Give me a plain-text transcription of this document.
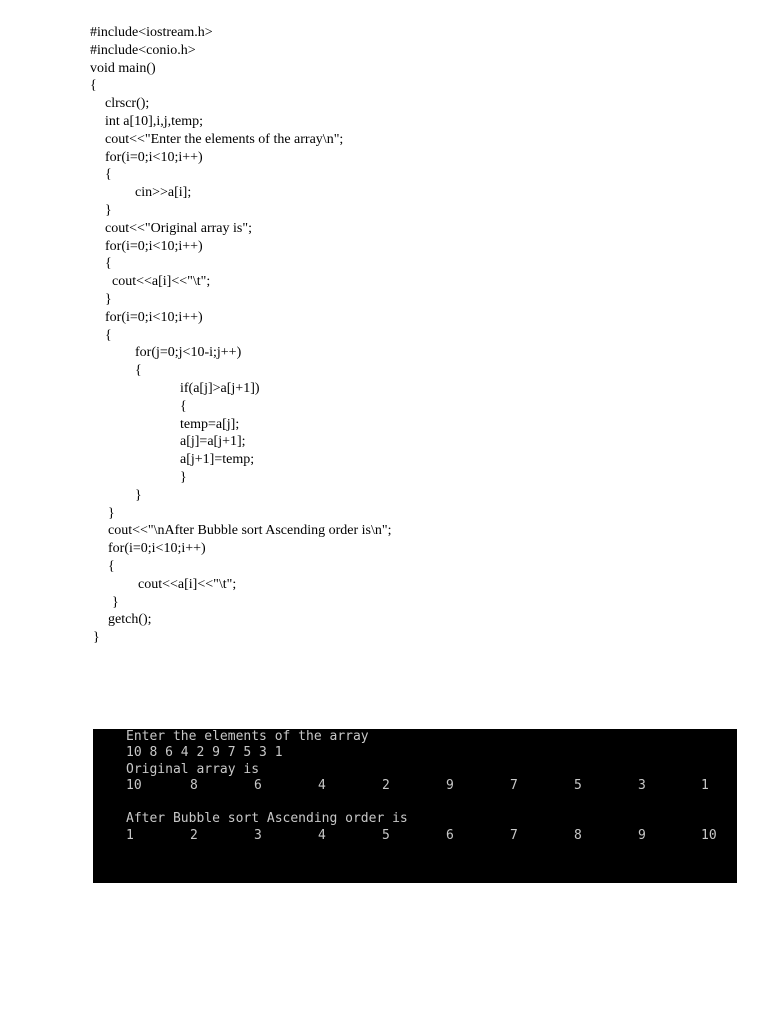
#include<iostream.h>
#include<conio.h>
void main()
{
clrscr();
int a[10],i,j,temp;
cout<<"Enter the elements of the array\n";
for(i=0;i<10;i++)
{
cin>>a[i];
}
cout<<"Original array is";
for(i=0;i<10;i++)
{
cout<<a[i]<<"\t";
}
for(i=0;i<10;i++)
{
for(j=0;j<10-i;j++)
{
if(a[j]>a[j+1])
{
temp=a[j];
a[j]=a[j+1];
a[j+1]=temp;
}
}
}
cout<<"\nAfter Bubble sort Ascending order is\n";
for(i=0;i<10;i++)
{
cout<<a[i]<<"\t";
}
getch();
}
Enter the elements of the array
10 8 6 4 2 9 7 5 3 1
Original array is
10	8	6	4	2	9	7	5	3	1
After Bubble sort Ascending order is
1	2	3	4	5	6	7	8	9	10
